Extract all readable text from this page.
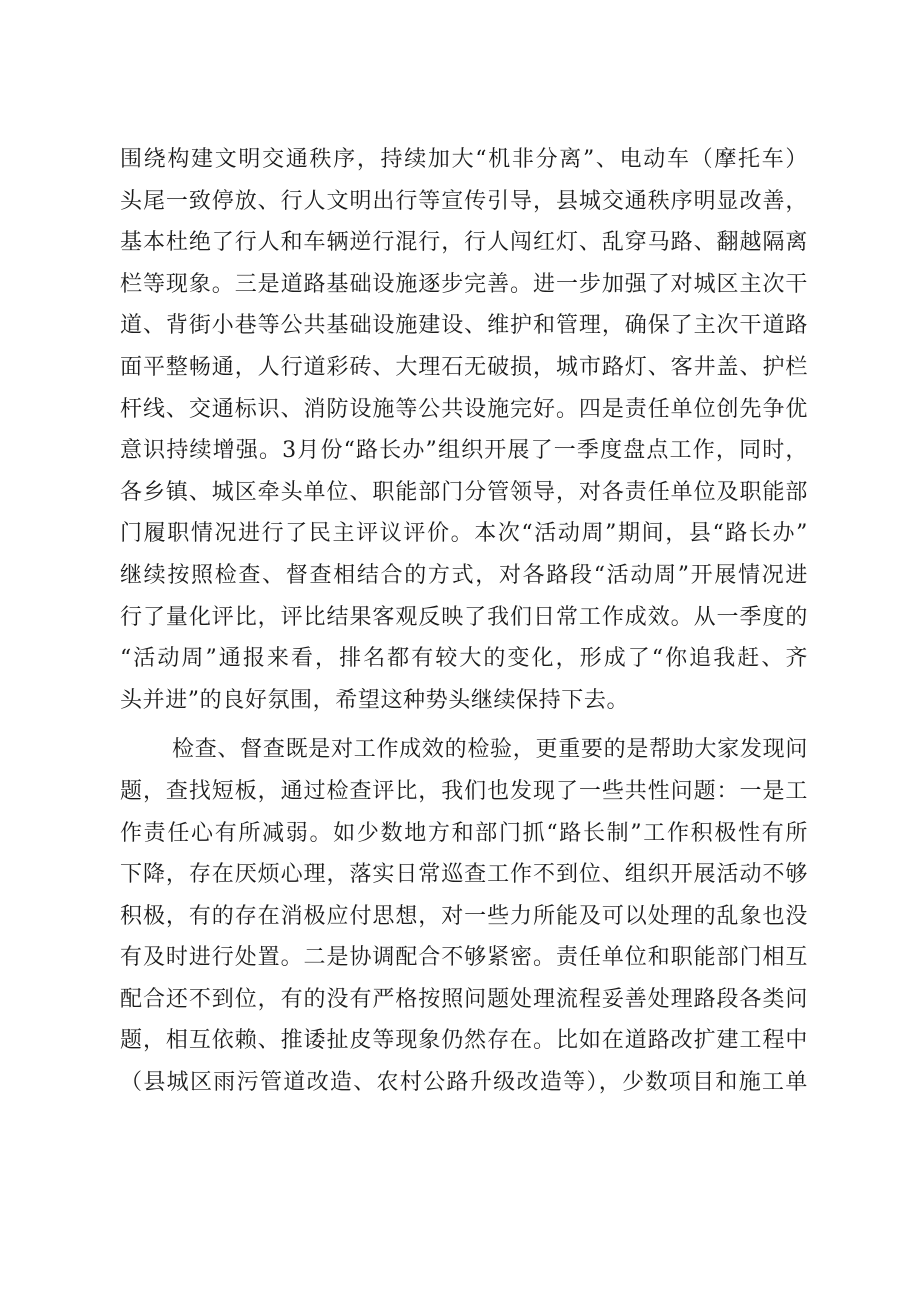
围绕构建文明交通秩序，持续加大“机非分离”、电动车（摩托车）
头尾一致停放、行人文明出行等宣传引导，县城交通秩序明显改善，
基本杜绝了行人和车辆逆行混行，行人闯红灯、乱穿马路、翻越隔离
栏等现象。三是道路基础设施逐步完善。进一步加强了对城区主次干
道、背街小巷等公共基础设施建设、维护和管理，确保了主次干道路
面平整畅通，人行道彩砖、大理石无破损，城市路灯、客井盖、护栏
杆线、交通标识、消防设施等公共设施完好。四是责任单位创先争优
意识持续增强。3月份“路长办”组织开展了一季度盘点工作，同时，
各乡镇、城区牵头单位、职能部门分管领导，对各责任单位及职能部
门履职情况进行了民主评议评价。本次“活动周”期间，县“路长办”
继续按照检查、督查相结合的方式，对各路段“活动周”开展情况进
行了量化评比，评比结果客观反映了我们日常工作成效。从一季度的
“活动周”通报来看，排名都有较大的变化，形成了“你追我赶、齐
头并进”的良好氛围，希望这种势头继续保持下去。
检查、督查既是对工作成效的检验，更重要的是帮助大家发现问
题，查找短板，通过检查评比，我们也发现了一些共性问题：一是工
作责任心有所减弱。如少数地方和部门抓“路长制”工作积极性有所
下降，存在厌烦心理，落实日常巡查工作不到位、组织开展活动不够
积极，有的存在消极应付思想，对一些力所能及可以处理的乱象也没
有及时进行处置。二是协调配合不够紧密。责任单位和职能部门相互
配合还不到位，有的没有严格按照问题处理流程妥善处理路段各类问
题，相互依赖、推诿扯皮等现象仍然存在。比如在道路改扩建工程中
（县城区雨污管道改造、农村公路升级改造等），少数项目和施工单
